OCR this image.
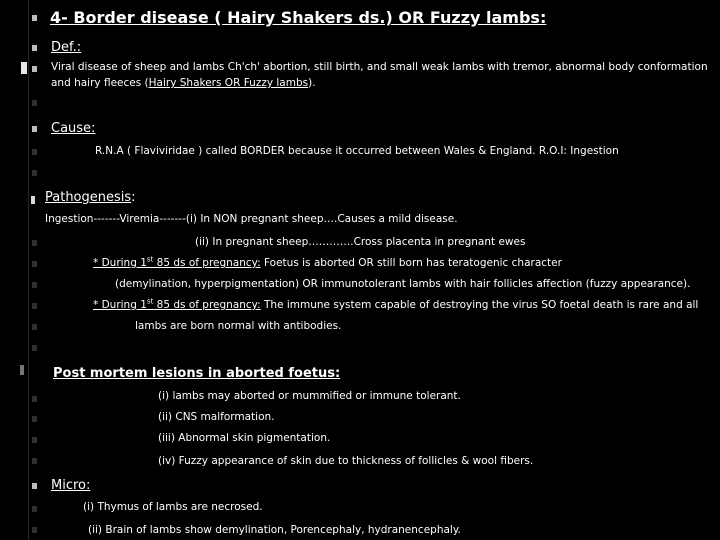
4- Border disease ( Hairy Shakers ds.) OR Fuzzy lambs:
Def.:
Viral disease of sheep and lambs Ch'ch' abortion, still birth, and small weak lambs with tremor, abnormal body conformation
and hairy fleeces (Hairy Shakers OR Fuzzy lambs).
Cause:
R.N.A ( Flaviviridae ) called BORDER because it occurred between Wales & England. R.O.I: Ingestion
Pathogenesis:
Ingestion-------Viremia-------(i) In NON pregnant sheep….Causes a mild disease.
(ii) In pregnant sheep………….Cross placenta in pregnant ewes
* During 1st 85 ds of pregnancy: Foetus is aborted OR still born has teratogenic character
(demylination, hyperpigmentation) OR immunotolerant lambs with hair follicles affection (fuzzy appearance).
* During 1st 85 ds of pregnancy: The immune system capable of destroying the virus SO foetal death is rare and all
lambs are born normal with antibodies.
Post mortem lesions in aborted foetus:
(i) lambs may aborted or mummified or immune tolerant.
(ii) CNS malformation.
(iii) Abnormal skin pigmentation.
(iv) Fuzzy appearance of skin due to thickness of follicles & wool fibers.
Micro:
(i) Thymus of lambs are necrosed.
(ii) Brain of lambs show demylination, Porencephaly, hydranencephaly.
